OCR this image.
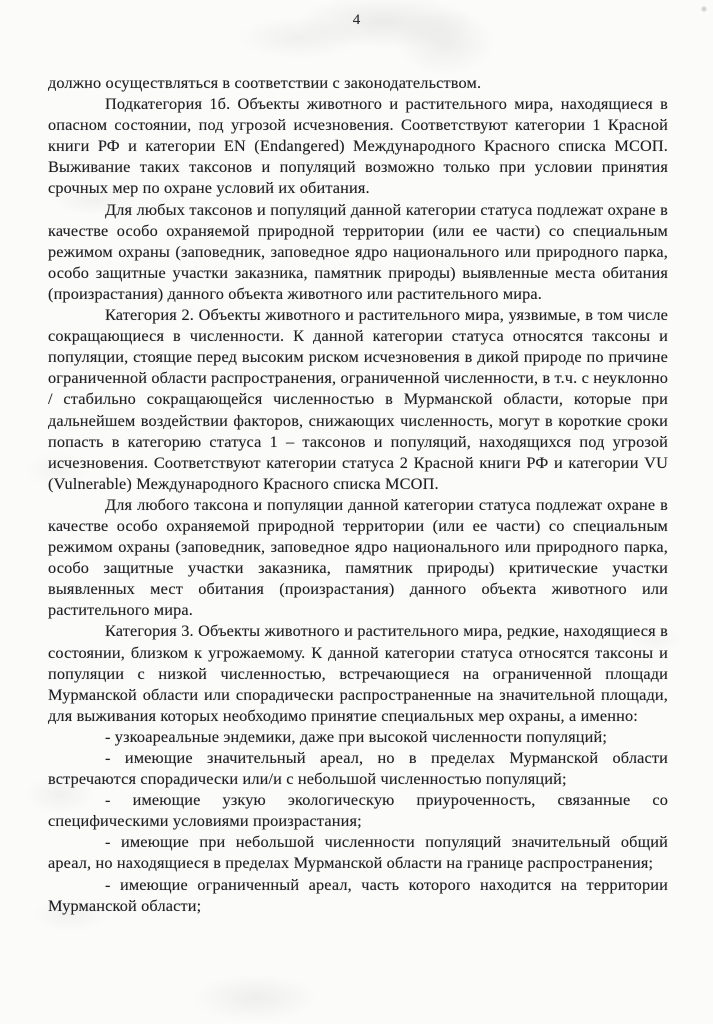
4

должно осуществляться в соответствии с законодательством.

Подкатегория 1б. Объекты животного и растительного мира, находящиеся в опасном состоянии, под угрозой исчезновения. Соответствуют категории 1 Красной книги РФ и категории EN (Endangered) Международного Красного списка МСОП. Выживание таких таксонов и популяций возможно только при условии принятия срочных мер по охране условий их обитания.

Для любых таксонов и популяций данной категории статуса подлежат охране в качестве особо охраняемой природной территории (или ее части) со специальным режимом охраны (заповедник, заповедное ядро национального или природного парка, особо защитные участки заказника, памятник природы) выявленные места обитания (произрастания) данного объекта животного или растительного мира.

Категория 2. Объекты животного и растительного мира, уязвимые, в том числе сокращающиеся в численности. К данной категории статуса относятся таксоны и популяции, стоящие перед высоким риском исчезновения в дикой природе по причине ограниченной области распространения, ограниченной численности, в т.ч. с неуклонно / стабильно сокращающейся численностью в Мурманской области, которые при дальнейшем воздействии факторов, снижающих численность, могут в короткие сроки попасть в категорию статуса 1 – таксонов и популяций, находящихся под угрозой исчезновения. Соответствуют категории статуса 2 Красной книги РФ и категории VU (Vulnerable) Международного Красного списка МСОП.

Для любого таксона и популяции данной категории статуса подлежат охране в качестве особо охраняемой природной территории (или ее части) со специальным режимом охраны (заповедник, заповедное ядро национального или природного парка, особо защитные участки заказника, памятник природы) критические участки выявленных мест обитания (произрастания) данного объекта животного или растительного мира.

Категория 3. Объекты животного и растительного мира, редкие, находящиеся в состоянии, близком к угрожаемому. К данной категории статуса относятся таксоны и популяции с низкой численностью, встречающиеся на ограниченной площади Мурманской области или спорадически распространенные на значительной площади, для выживания которых необходимо принятие специальных мер охраны, а именно:

- узкоареальные эндемики, даже при высокой численности популяций;

- имеющие значительный ареал, но в пределах Мурманской области встречаются спорадически или/и с небольшой численностью популяций;

- имеющие узкую экологическую приуроченность, связанные со специфическими условиями произрастания;

- имеющие при небольшой численности популяций значительный общий ареал, но находящиеся в пределах Мурманской области на границе распространения;

- имеющие ограниченный ареал, часть которого находится на территории Мурманской области;
